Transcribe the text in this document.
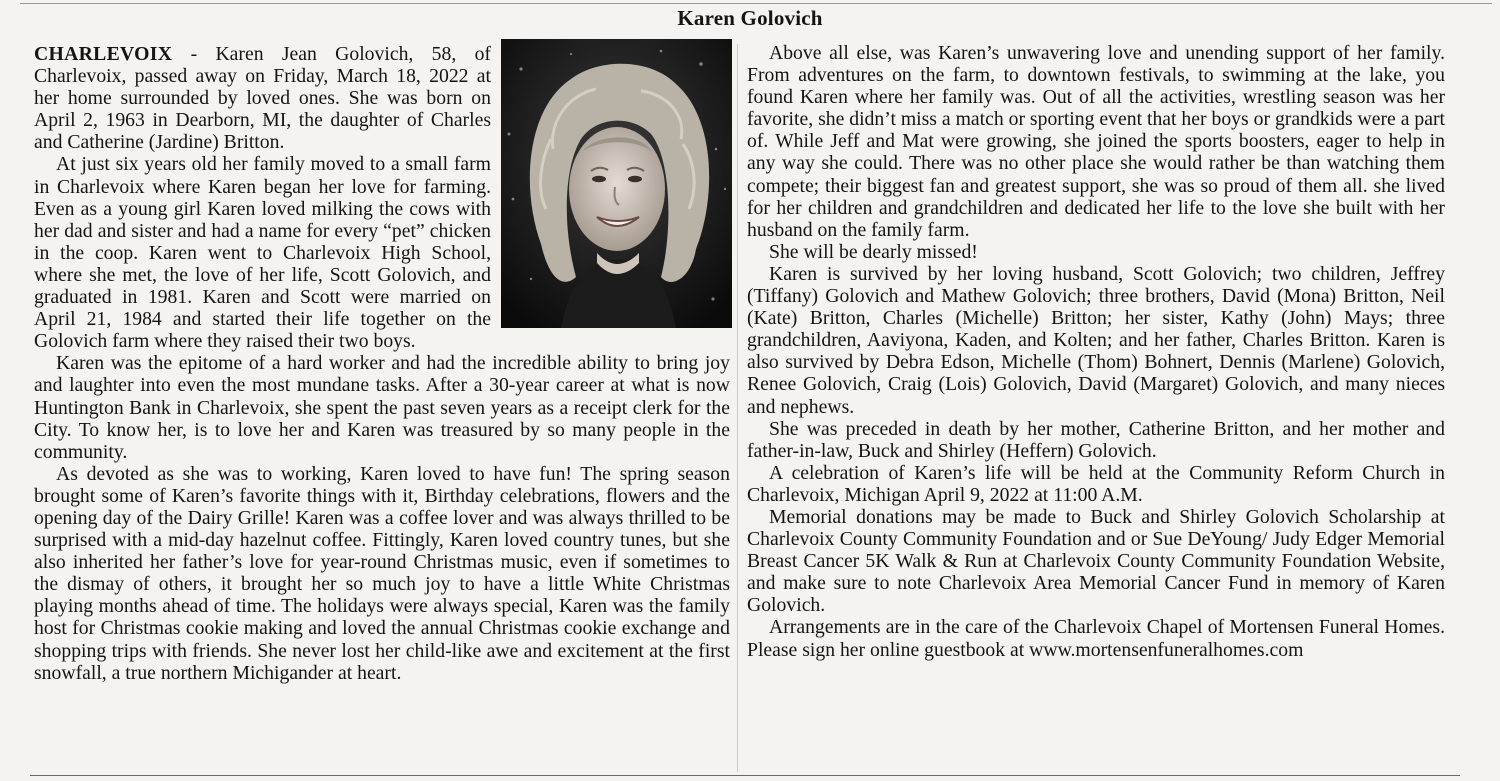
Karen Golovich

CHARLEVOIX - Karen Jean Golovich, 58, of Charlevoix, passed away on Friday, March 18, 2022 at her home surrounded by loved ones. She was born on April 2, 1963 in Dearborn, MI, the daughter of Charles and Catherine (Jardine) Britton.

At just six years old her family moved to a small farm in Charlevoix where Karen began her love for farming. Even as a young girl Karen loved milking the cows with her dad and sister and had a name for every “pet” chicken in the coop. Karen went to Charlevoix High School, where she met, the love of her life, Scott Golovich, and graduated in 1981. Karen and Scott were married on April 21, 1984 and started their life together on the Golovich farm where they raised their two boys.

Karen was the epitome of a hard worker and had the incredible ability to bring joy and laughter into even the most mundane tasks. After a 30-year career at what is now Huntington Bank in Charlevoix, she spent the past seven years as a receipt clerk for the City. To know her, is to love her and Karen was treasured by so many people in the community.

As devoted as she was to working, Karen loved to have fun! The spring season brought some of Karen’s favorite things with it, Birthday celebrations, flowers and the opening day of the Dairy Grille! Karen was a coffee lover and was always thrilled to be surprised with a mid-day hazelnut coffee. Fittingly, Karen loved country tunes, but she also inherited her father’s love for year-round Christmas music, even if sometimes to the dismay of others, it brought her so much joy to have a little White Christmas playing months ahead of time. The holidays were always special, Karen was the family host for Christmas cookie making and loved the annual Christmas cookie exchange and shopping trips with friends. She never lost her child-like awe and excitement at the first snowfall, a true northern Michigander at heart.

Above all else, was Karen’s unwavering love and unending support of her family. From adventures on the farm, to downtown festivals, to swimming at the lake, you found Karen where her family was. Out of all the activities, wrestling season was her favorite, she didn’t miss a match or sporting event that her boys or grandkids were a part of. While Jeff and Mat were growing, she joined the sports boosters, eager to help in any way she could. There was no other place she would rather be than watching them compete; their biggest fan and greatest support, she was so proud of them all. she lived for her children and grandchildren and dedicated her life to the love she built with her husband on the family farm.

She will be dearly missed!

Karen is survived by her loving husband, Scott Golovich; two children, Jeffrey (Tiffany) Golovich and Mathew Golovich; three brothers, David (Mona) Britton, Neil (Kate) Britton, Charles (Michelle) Britton; her sister, Kathy (John) Mays; three grandchildren, Aaviyona, Kaden, and Kolten; and her father, Charles Britton. Karen is also survived by Debra Edson, Michelle (Thom) Bohnert, Dennis (Marlene) Golovich, Renee Golovich, Craig (Lois) Golovich, David (Margaret) Golovich, and many nieces and nephews.

She was preceded in death by her mother, Catherine Britton, and her mother and father-in-law, Buck and Shirley (Heffern) Golovich.

A celebration of Karen’s life will be held at the Community Reform Church in Charlevoix, Michigan April 9, 2022 at 11:00 A.M.

Memorial donations may be made to Buck and Shirley Golovich Scholarship at Charlevoix County Community Foundation and or Sue DeYoung/ Judy Edger Memorial Breast Cancer 5K Walk & Run at Charlevoix County Community Foundation Website, and make sure to note Charlevoix Area Memorial Cancer Fund in memory of Karen Golovich.

Arrangements are in the care of the Charlevoix Chapel of Mortensen Funeral Homes. Please sign her online guestbook at www.mortensenfuneralhomes.com
